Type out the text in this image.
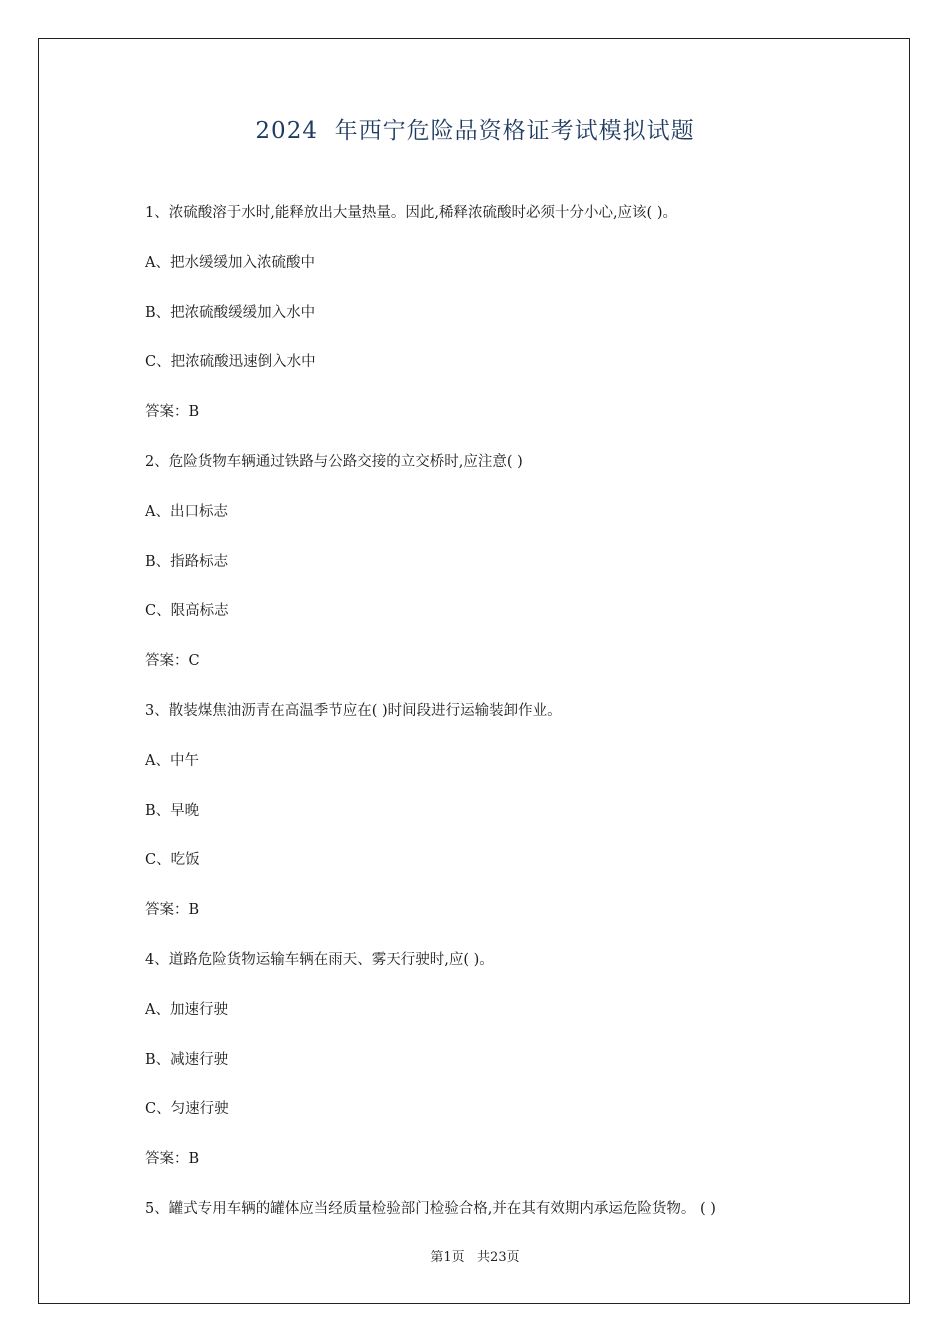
2024  年西宁危险品资格证考试模拟试题
1、浓硫酸溶于水时,能释放出大量热量。因此,稀释浓硫酸时必须十分小心,应该( )。
A、把水缓缓加入浓硫酸中
B、把浓硫酸缓缓加入水中
C、把浓硫酸迅速倒入水中
答案：B
2、危险货物车辆通过铁路与公路交接的立交桥时,应注意( )
A、出口标志
B、指路标志
C、限高标志
答案：C
3、散装煤焦油沥青在高温季节应在( )时间段进行运输装卸作业。
A、中午
B、早晚
C、吃饭
答案：B
4、道路危险货物运输车辆在雨天、雾天行驶时,应( )。
A、加速行驶
B、减速行驶
C、匀速行驶
答案：B
5、罐式专用车辆的罐体应当经质量检验部门检验合格,并在其有效期内承运危险货物。 ( )
第1页   共23页
